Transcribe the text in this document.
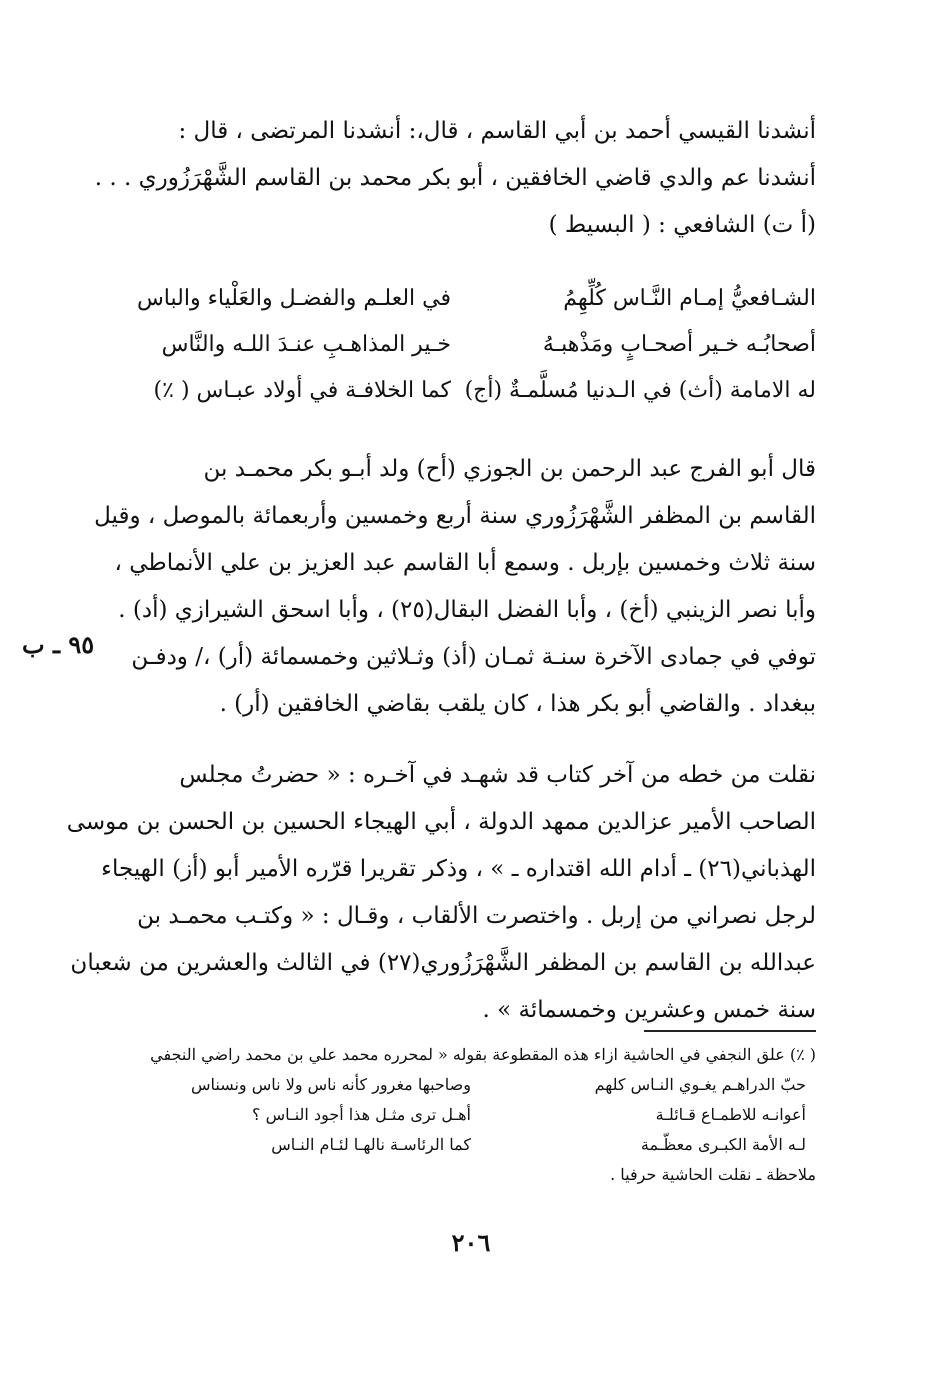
أنشدنا القيسي أحمد بن أبي القاسم ، قال،: أنشدنا المرتضى ، قال :
أنشدنا عم والدي قاضي الخافقين ، أبو بكر محمد بن القاسم الشَّهْرَزُوري . . .
(أ ت) الشافعي : ( البسيط )
الشـافعيُّ إمـام النَّـاس كُلِّهِمُ
في العلـم والفضـل والعَلْياء والباس
أصحابُـه خـير أصحـابٍ ومَذْهبـهُ
خـير المذاهـبِ عنـدَ اللـه والنَّاس
له الامامة (أث) في الـدنيا مُسلَّمـةٌ (أج)
كما الخلافـة في أولاد عبـاس ( ٪)
قال أبو الفرج عبد الرحمن بن الجوزي (أح) ولد أبـو بكر محمـد بن
القاسم بن المظفر الشَّهْرَزُوري سنة أربع وخمسين وأربعمائة بالموصل ، وقيل
سنة ثلاث وخمسين بإربل . وسمع أبا القاسم عبد العزيز بن علي الأنماطي ،
وأبا نصر الزينبي (أخ) ، وأبا الفضل البقال(٢٥) ، وأبا اسحق الشيرازي (أد) .
توفي في جمادى الآخرة سنـة ثمـان (أذ) وثـلاثين وخمسمائة (أر) ،/ ودفـن
ببغداد . والقاضي أبو بكر هذا ، كان يلقب بقاضي الخافقين (أر) .
٩٥ ـ ب
نقلت من خطه من آخر كتاب قد شهـد في آخـره : « حضرتُ مجلس
الصاحب الأمير عزالدين ممهد الدولة ، أبي الهيجاء الحسين بن الحسن بن موسى
الهذباني(٢٦) ـ أدام الله اقتداره ـ » ، وذكر تقريرا قرّره الأمير أبو (أز) الهيجاء
لرجل نصراني من إربل . واختصرت الألقاب ، وقـال : « وكتـب محمـد بن
عبدالله بن القاسم بن المظفر الشَّهْرَزُوري(٢٧) في الثالث والعشرين من شعبان
سنة خمس وعشرين وخمسمائة » .
( ٪) علق النجفي في الحاشية ازاء هذه المقطوعة بقوله « لمحرره محمد علي بن محمد راضي النجفي
حبّ الدراهـم يغـوي النـاس كلهم
وصاحبها مغرور كأنه ناس ولا ناس ونسناس
أعوانـه للاطمـاع قـائلـة
أهـل ترى مثـل هذا أجود النـاس ؟
لـه الأمة الكبـرى معظّـمة
كما الرئاسـة نالهـا لئـام النـاس
ملاحظة ـ نقلت الحاشية حرفيا .
٢٠٦
